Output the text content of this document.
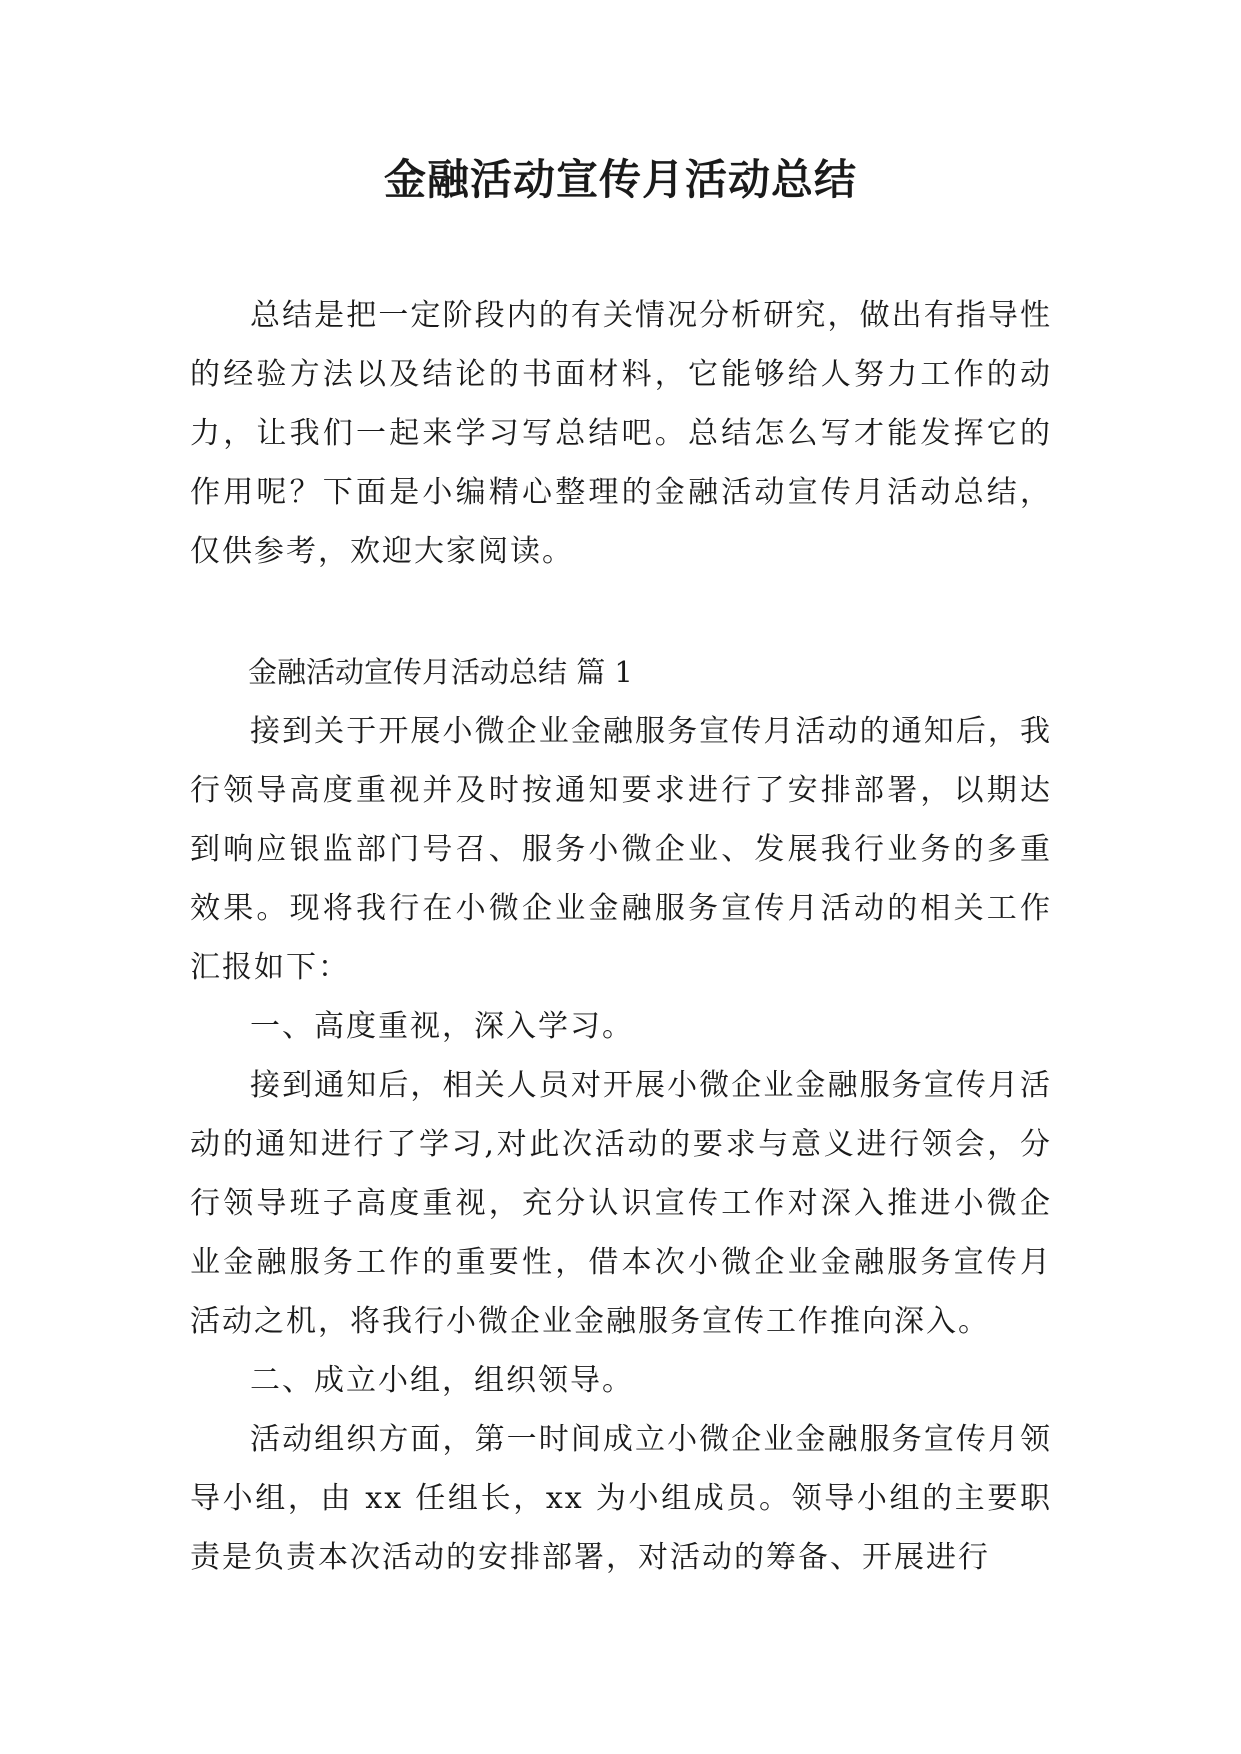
金融活动宣传月活动总结

总结是把一定阶段内的有关情况分析研究，做出有指导性的经验方法以及结论的书面材料，它能够给人努力工作的动力，让我们一起来学习写总结吧。总结怎么写才能发挥它的作用呢？下面是小编精心整理的金融活动宣传月活动总结，仅供参考，欢迎大家阅读。

金融活动宣传月活动总结 篇 1

接到关于开展小微企业金融服务宣传月活动的通知后，我行领导高度重视并及时按通知要求进行了安排部署，以期达到响应银监部门号召、服务小微企业、发展我行业务的多重效果。现将我行在小微企业金融服务宣传月活动的相关工作汇报如下：

一、高度重视，深入学习。

接到通知后，相关人员对开展小微企业金融服务宣传月活动的通知进行了学习,对此次活动的要求与意义进行领会，分行领导班子高度重视，充分认识宣传工作对深入推进小微企业金融服务工作的重要性，借本次小微企业金融服务宣传月活动之机，将我行小微企业金融服务宣传工作推向深入。

二、成立小组，组织领导。

活动组织方面，第一时间成立小微企业金融服务宣传月领导小组，由 xx 任组长，xx 为小组成员。领导小组的主要职责是负责本次活动的安排部署，对活动的筹备、开展进行
